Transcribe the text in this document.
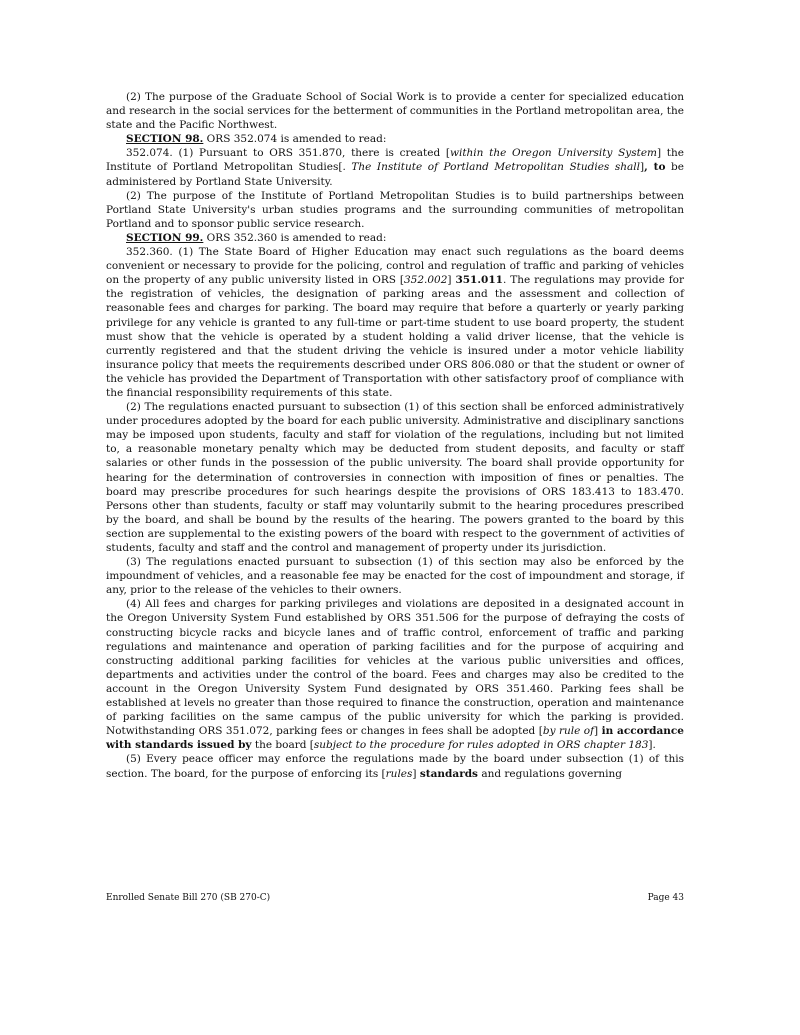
(2) The purpose of the Graduate School of Social Work is to provide a center for specialized education and research in the social services for the betterment of communities in the Portland metropolitan area, the state and the Pacific Northwest.

SECTION 98. ORS 352.074 is amended to read:

352.074. (1) Pursuant to ORS 351.870, there is created [within the Oregon University System] the Institute of Portland Metropolitan Studies[. The Institute of Portland Metropolitan Studies shall], to be administered by Portland State University.

(2) The purpose of the Institute of Portland Metropolitan Studies is to build partnerships between Portland State University's urban studies programs and the surrounding communities of metropolitan Portland and to sponsor public service research.

SECTION 99. ORS 352.360 is amended to read:

352.360. (1) The State Board of Higher Education may enact such regulations as the board deems convenient or necessary to provide for the policing, control and regulation of traffic and parking of vehicles on the property of any public university listed in ORS [352.002] 351.011. The regulations may provide for the registration of vehicles, the designation of parking areas and the assessment and collection of reasonable fees and charges for parking. The board may require that before a quarterly or yearly parking privilege for any vehicle is granted to any full-time or part-time student to use board property, the student must show that the vehicle is operated by a student holding a valid driver license, that the vehicle is currently registered and that the student driving the vehicle is insured under a motor vehicle liability insurance policy that meets the requirements described under ORS 806.080 or that the student or owner of the vehicle has provided the Department of Transportation with other satisfactory proof of compliance with the financial responsibility requirements of this state.

(2) The regulations enacted pursuant to subsection (1) of this section shall be enforced administratively under procedures adopted by the board for each public university. Administrative and disciplinary sanctions may be imposed upon students, faculty and staff for violation of the regulations, including but not limited to, a reasonable monetary penalty which may be deducted from student deposits, and faculty or staff salaries or other funds in the possession of the public university. The board shall provide opportunity for hearing for the determination of controversies in connection with imposition of fines or penalties. The board may prescribe procedures for such hearings despite the provisions of ORS 183.413 to 183.470. Persons other than students, faculty or staff may voluntarily submit to the hearing procedures prescribed by the board, and shall be bound by the results of the hearing. The powers granted to the board by this section are supplemental to the existing powers of the board with respect to the government of activities of students, faculty and staff and the control and management of property under its jurisdiction.

(3) The regulations enacted pursuant to subsection (1) of this section may also be enforced by the impoundment of vehicles, and a reasonable fee may be enacted for the cost of impoundment and storage, if any, prior to the release of the vehicles to their owners.

(4) All fees and charges for parking privileges and violations are deposited in a designated account in the Oregon University System Fund established by ORS 351.506 for the purpose of defraying the costs of constructing bicycle racks and bicycle lanes and of traffic control, enforcement of traffic and parking regulations and maintenance and operation of parking facilities and for the purpose of acquiring and constructing additional parking facilities for vehicles at the various public universities and offices, departments and activities under the control of the board. Fees and charges may also be credited to the account in the Oregon University System Fund designated by ORS 351.460. Parking fees shall be established at levels no greater than those required to finance the construction, operation and maintenance of parking facilities on the same campus of the public university for which the parking is provided. Notwithstanding ORS 351.072, parking fees or changes in fees shall be adopted [by rule of] in accordance with standards issued by the board [subject to the procedure for rules adopted in ORS chapter 183].

(5) Every peace officer may enforce the regulations made by the board under subsection (1) of this section. The board, for the purpose of enforcing its [rules] standards and regulations governing

Enrolled Senate Bill 270 (SB 270-C)	Page 43
